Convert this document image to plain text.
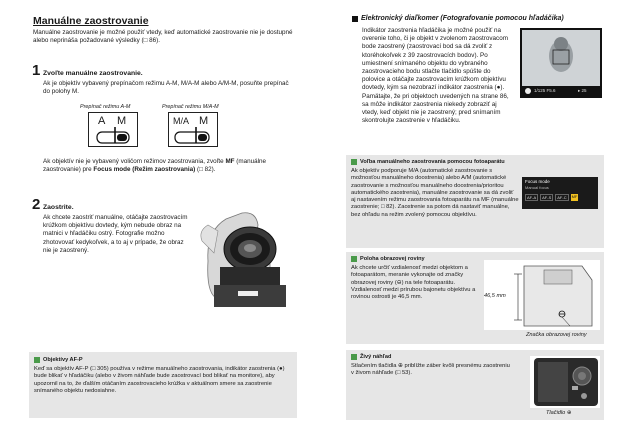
Manuálne zaostrovanie
Manuálne zaostrovanie je možné použiť vtedy, keď automatické zaostrovanie nie je dostupné alebo neprináša požadované výsledky (□ 86).
1 Zvoľte manuálne zaostrovanie.
Ak je objektív vybavený prepínačom režimu A-M, M/A-M alebo A/M-M, posuňte prepínač do polohy M.
Prepínač režimu A-M	Prepínač režimu M/A-M
A M	M/A M
Ak objektív nie je vybavený voličom režimov zaostrovania, zvoľte MF (manuálne zaostrovanie) pre Focus mode (Režim zaostrovania) (□ 82).
2 Zaostrite.
Ak chcete zaostriť manuálne, otáčajte zaostrovacím krúžkom objektívu dovtedy, kým nebude obraz na matnici v hľadáčiku ostrý. Fotografie možno zhotovovať kedykoľvek, a to aj v prípade, že obraz nie je zaostrený.
Objektívy AF-P
Keď sa objektív AF-P (□ 305) používa v režime manuálneho zaostrovania, indikátor zaostrenia (●) bude blikať v hľadáčiku (alebo v živom náhľade bude zaostrovací bod blikať na monitore), aby upozornil na to, že ďalším otáčaním zaostrovacieho krúžka v aktuálnom smere sa zaostrenie snímaného objektu nedosiahne.
Elektronický diaľkomer (Fotografovanie pomocou hľadáčika)
Indikátor zaostrenia hľadáčika je možné použiť na overenie toho, či je objekt v zvolenom zaostrovacom bode zaostrený (zaostrovací bod sa dá zvoliť z ktoréhokoľvek z 39 zaostrovacích bodov). Po umiestnení snímaného objektu do vybraného zaostrovacieho bodu stlačte tlačidlo spúšte do polovice a otáčajte zaostrovacím krúžkom objektívu dovtedy, kým sa nezobrazí indikátor zaostrenia (●). Pamätajte, že pri objektoch uvedených na strane 86, sa môže indikátor zaostrenia niekedy zobraziť aj vtedy, keď objekt nie je zaostrený; pred snímaním skontrolujte zaostrenie v hľadáčiku.
1/125 F5.6	▸ 25
Voľba manuálneho zaostrovania pomocou fotoaparátu
Ak objektív podporuje M/A (automatické zaostrovanie s možnosťou manuálneho doostrenia) alebo A/M (automatické zaostrovanie s možnosťou manuálneho doostrenia/prioritou automatického zaostrenia), manuálne zaostrovanie sa dá zvoliť aj nastavením režimu zaostrovania fotoaparátu na MF (manuálne zaostrenie; □ 82). Zaostrenie sa potom dá nastaviť manuálne, bez ohľadu na režim zvolený pomocou objektívu.
Focus mode
Manual focus
AF-A	AF-S	AF-C	MF
Poloha obrazovej roviny
Ak chcete určiť vzdialenosť medzi objektom a fotoaparátom, meranie vykonajte od značky obrazovej roviny (⊖) na tele fotoaparátu. Vzdialenosť medzi prírubou bajonetu objektívu a rovinou ostrosti je 46,5 mm.	46,5 mm
Značka obrazovej roviny
Živý náhľad
Stlačením tlačidla ⊕ priblížte záber kvôli presnému zaostreniu v živom náhľade (□ 53).
Tlačidlo ⊕
